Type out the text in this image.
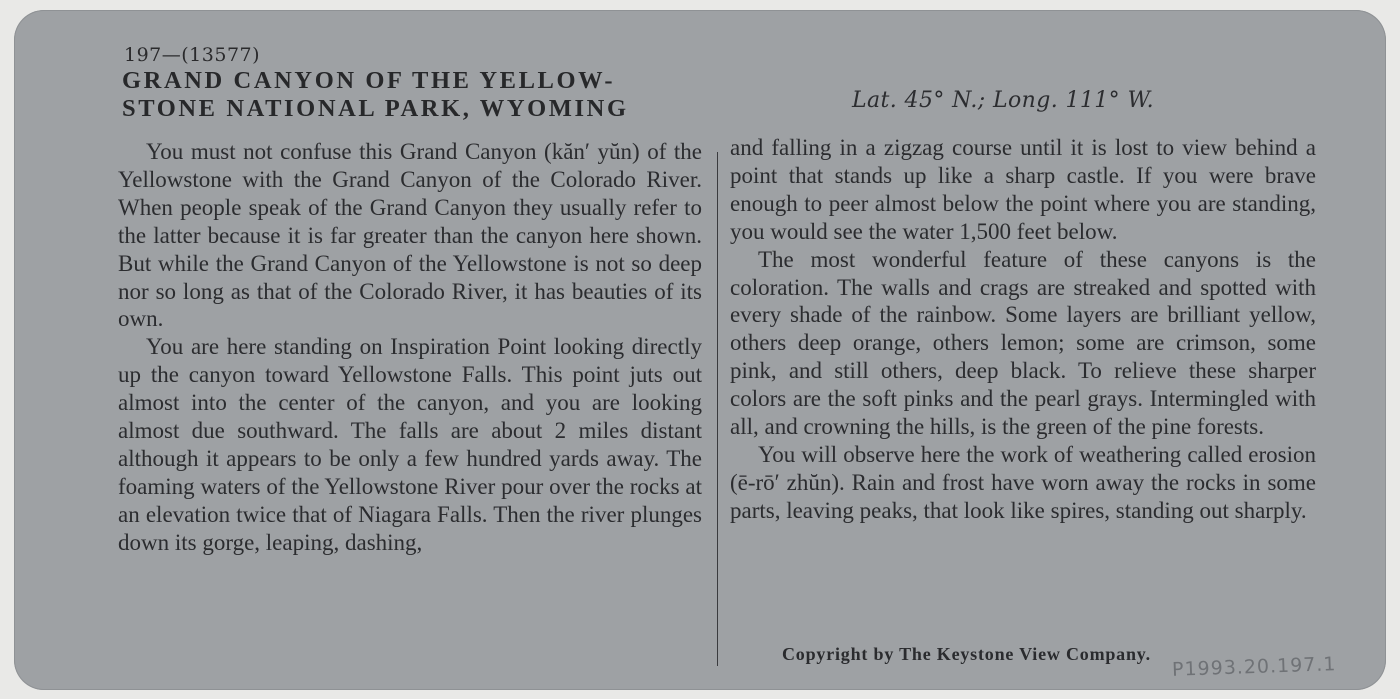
197—(13577)
GRAND CANYON OF THE YELLOW-
STONE NATIONAL PARK, WYOMING	Lat. 45° N.; Long. 111° W.

You must not confuse this Grand Canyon (kăn′ yŭn) of the Yellowstone with the Grand Canyon of the Colorado River. When people speak of the Grand Canyon they usually refer to the latter because it is far greater than the canyon here shown. But while the Grand Canyon of the Yellowstone is not so deep nor so long as that of the Colorado River, it has beauties of its own.

You are here standing on Inspiration Point looking directly up the canyon toward Yellowstone Falls. This point juts out almost into the center of the canyon, and you are looking almost due southward. The falls are about 2 miles distant although it appears to be only a few hundred yards away. The foaming waters of the Yellowstone River pour over the rocks at an elevation twice that of Niagara Falls. Then the river plunges down its gorge, leaping, dashing,

and falling in a zigzag course until it is lost to view behind a point that stands up like a sharp castle. If you were brave enough to peer almost below the point where you are standing, you would see the water 1,500 feet below.

The most wonderful feature of these canyons is the coloration. The walls and crags are streaked and spotted with every shade of the rainbow. Some layers are brilliant yellow, others deep orange, others lemon; some are crimson, some pink, and still others, deep black. To relieve these sharper colors are the soft pinks and the pearl grays. Intermingled with all, and crowning the hills, is the green of the pine forests.

You will observe here the work of weathering called erosion (ē-rō′ zhŭn). Rain and frost have worn away the rocks in some parts, leaving peaks, that look like spires, standing out sharply.

Copyright by The Keystone View Company. P1993.20.197.1
